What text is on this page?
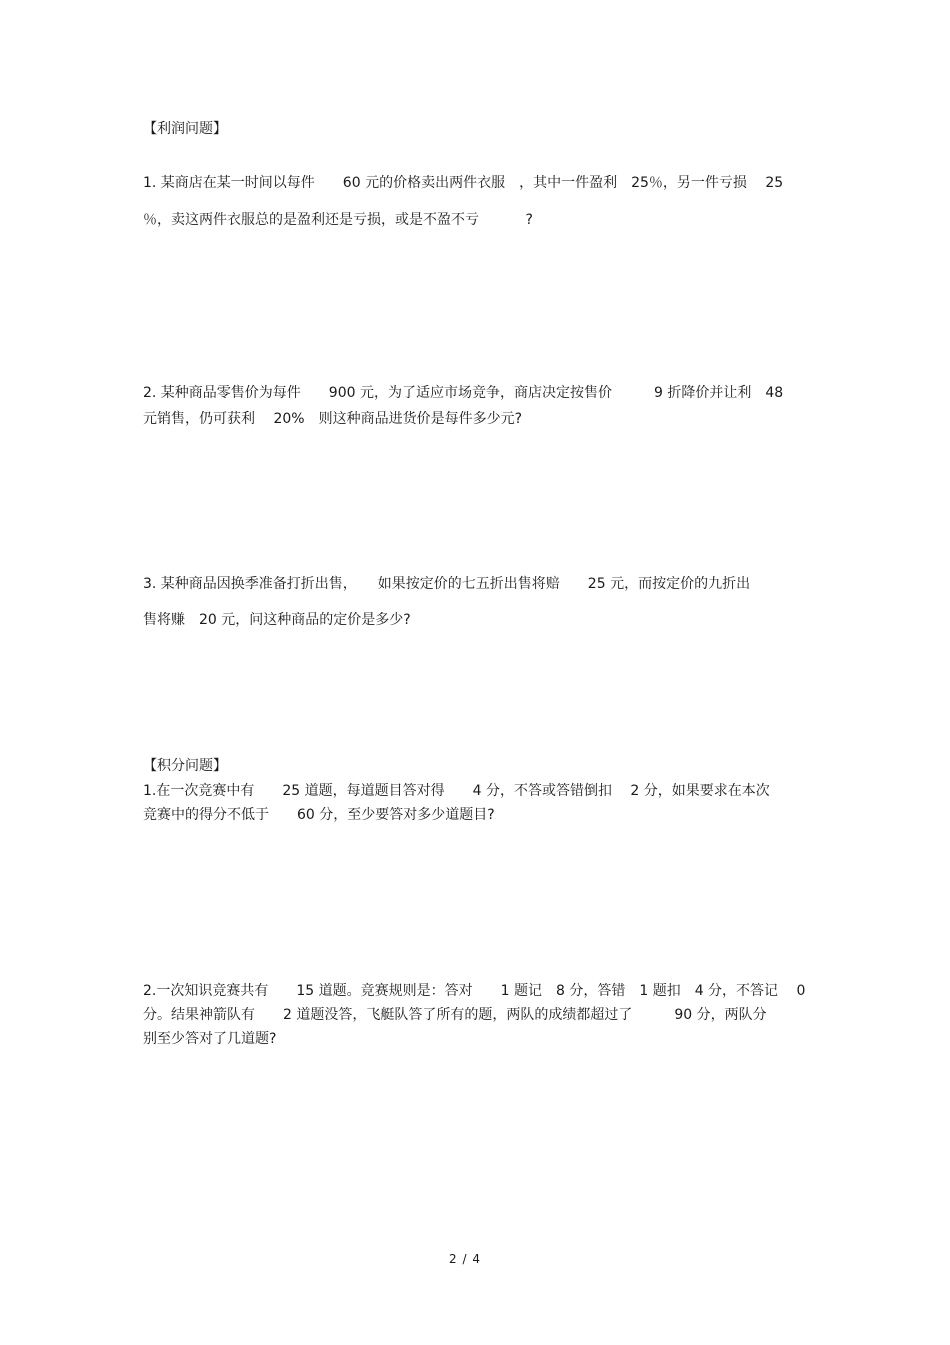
【利润问题】
1. 某商店在某一时间以每件　　60 元的价格卖出两件衣服　，其中一件盈利　25％，另一件亏损　 25
％，卖这两件衣服总的是盈利还是亏损，或是不盈不亏　　　 ?
2. 某种商品零售价为每件　　900 元，为了适应市场竞争，商店决定按售价　　　9 折降价并让利　48
元销售，仍可获利　 20%　则这种商品进货价是每件多少元?
3. 某种商品因换季准备打折出售，　　如果按定价的七五折出售将赔　　25 元，而按定价的九折出
售将赚　20 元，问这种商品的定价是多少?
【积分问题】
1.在一次竞赛中有　　25 道题，每道题目答对得　　4 分，不答或答错倒扣　 2 分，如果要求在本次
竞赛中的得分不低于　　60 分，至少要答对多少道题目?
2.一次知识竞赛共有　　15 道题。竞赛规则是：答对　　1 题记　8 分，答错　1 题扣　4 分，不答记　 0
分。结果神箭队有　　2 道题没答，飞艇队答了所有的题，两队的成绩都超过了　　　90 分，两队分
别至少答对了几道题?
2 / 4
